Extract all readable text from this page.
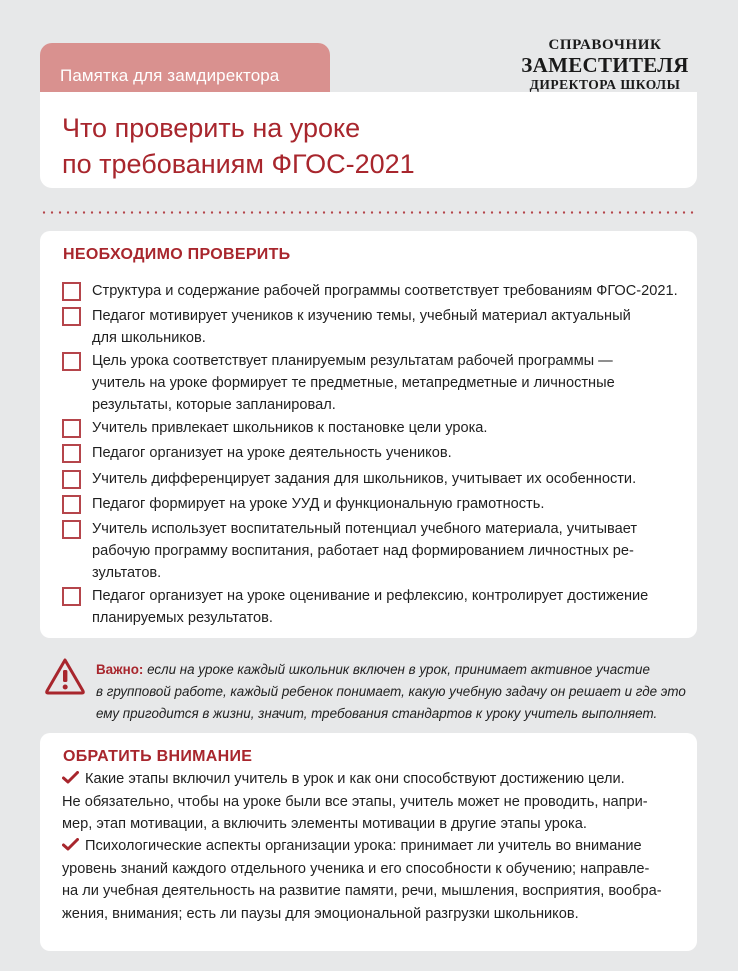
Памятка для замдиректора
Что проверить на уроке
по требованиям ФГОС-2021
СПРАВОЧНИК
ЗАМЕСТИТЕЛЯ
ДИРЕКТОРА ШКОЛЫ
НЕОБХОДИМО ПРОВЕРИТЬ
Структура и содержание рабочей программы соответствует требованиям ФГОС-2021.
Педагог мотивирует учеников к изучению темы, учебный материал актуальный
для школьников.
Цель урока соответствует планируемым результатам рабочей программы —
учитель на уроке формирует те предметные, метапредметные и личностные
результаты, которые запланировал.
Учитель привлекает школьников к постановке цели урока.
Педагог организует на уроке деятельность учеников.
Учитель дифференцирует задания для школьников, учитывает их особенности.
Педагог формирует на уроке УУД и функциональную грамотность.
Учитель использует воспитательный потенциал учебного материала, учитывает
рабочую программу воспитания, работает над формированием личностных ре-
зультатов.
Педагог организует на уроке оценивание и рефлексию, контролирует достижение
планируемых результатов.
Важно: если на уроке каждый школьник включен в урок, принимает активное участие
в групповой работе, каждый ребенок понимает, какую учебную задачу он решает и где это
ему пригодится в жизни, значит, требования стандартов к уроку учитель выполняет.
ОБРАТИТЬ ВНИМАНИЕ
Какие этапы включил учитель в урок и как они способствуют достижению цели.
Не обязательно, чтобы на уроке были все этапы, учитель может не проводить, напри-
мер, этап мотивации, а включить элементы мотивации в другие этапы урока.
Психологические аспекты организации урока: принимает ли учитель во внимание
уровень знаний каждого отдельного ученика и его способности к обучению; направле-
на ли учебная деятельность на развитие памяти, речи, мышления, восприятия, вообра-
жения, внимания; есть ли паузы для эмоциональной разгрузки школьников.
